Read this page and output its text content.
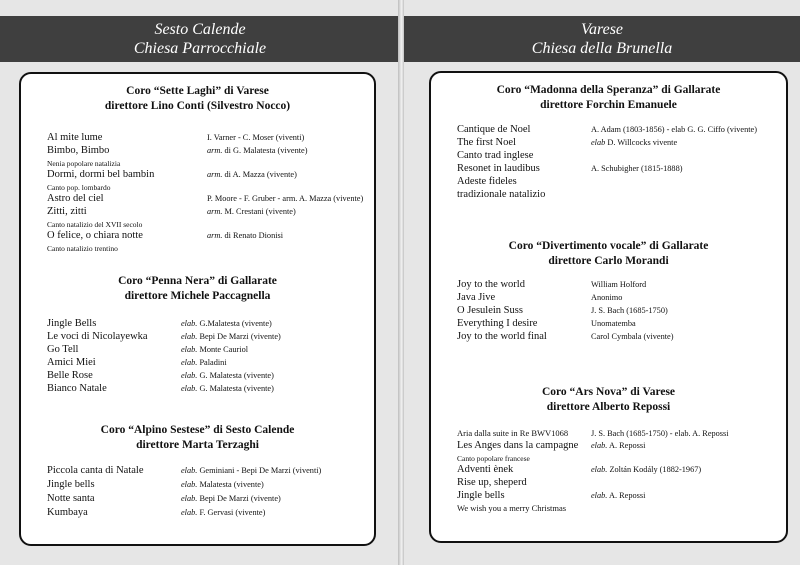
Sesto Calende
Chiesa Parrocchiale
Coro “Sette Laghi” di Varese
direttore Lino Conti (Silvestro Nocco)
Al mite lume	I. Varner - C. Moser (viventi)
Bimbo, Bimbo	arm. di G. Malatesta (vivente)
Nenia popolare natalizia
Dormi, dormi bel bambin	arm. di A. Mazza (vivente)
Canto pop. lombardo
Astro del ciel	P. Moore - F. Gruber - arm. A. Mazza (vivente)
Zitti, zitti	arm. M. Crestani (vivente)
Canto natalizio del XVII secolo
O felice, o chiara notte	arm. di Renato Dionisi
Canto natalizio trentino
Coro “Penna Nera” di Gallarate
direttore Michele Paccagnella
Jingle Bells	elab. G.Malatesta (vivente)
Le voci di Nicolayewka	elab. Bepi De Marzi (vivente)
Go Tell	elab. Monte Cauriol
Amici Miei	elab. Paladini
Belle Rose	elab. G. Malatesta (vivente)
Bianco Natale	elab. G. Malatesta (vivente)
Coro “Alpino Sestese” di Sesto Calende
direttore Marta Terzaghi
Piccola canta di Natale	elab. Geminiani - Bepi De Marzi (viventi)
Jingle bells	elab. Malatesta (vivente)
Notte santa	elab. Bepi De Marzi (vivente)
Kumbaya	elab. F. Gervasi (vivente)
Varese
Chiesa della Brunella
Coro “Madonna della Speranza” di Gallarate
direttore Forchin Emanuele
Cantique de Noel	A. Adam (1803-1856) - elab G. G. Ciffo (vivente)
The first Noel	elab D. Willcocks vivente
Canto trad inglese
Resonet in laudibus	A. Schubigher (1815-1888)
Adeste fideles
tradizionale natalizio
Coro “Divertimento vocale” di Gallarate
direttore Carlo Morandi
Joy to the world	William Holford
Java Jive	Anonimo
O Jesulein Suss	J. S. Bach (1685-1750)
Everything I desire	Unomatemba
Joy to the world final	Carol Cymbala (vivente)
Coro “Ars Nova” di Varese
direttore Alberto Repossi
Aria dalla suite in Re BWV1068	J. S. Bach (1685-1750) - elab. A. Repossi
Les Anges dans la campagne elab. A. Repossi
Canto popolare francese
Adventi ènek	elab. Zoltán Kodály (1882-1967)
Rise up, sheperd
Jingle bells	elab. A. Repossi
We wish you a merry Christmas
